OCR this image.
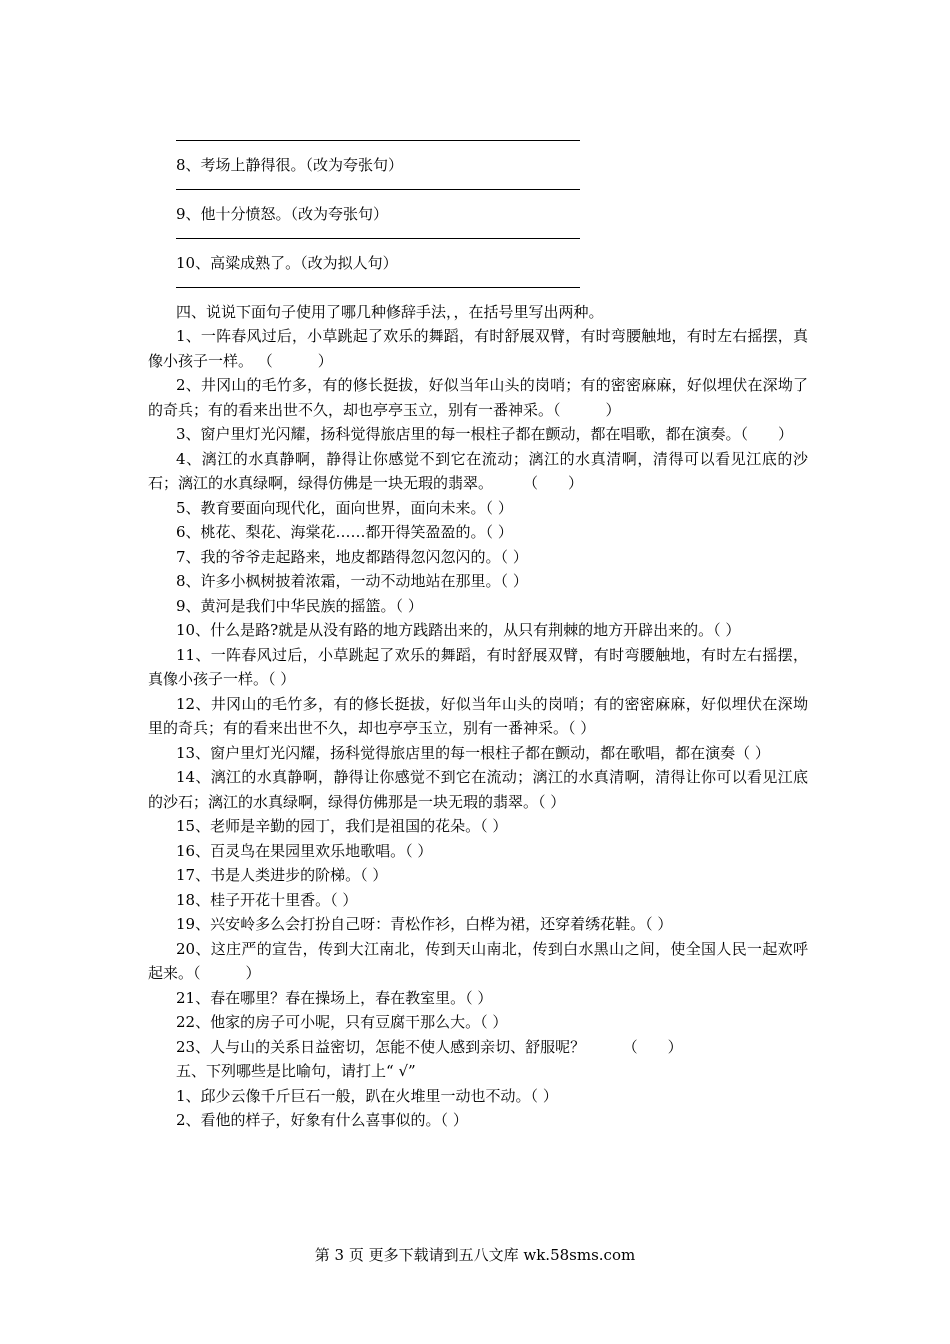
8、考场上静得很。（改为夸张句）
9、他十分愤怒。（改为夸张句）
10、高粱成熟了。（改为拟人句）
四、说说下面句子使用了哪几种修辞手法，，在括号里写出两种。
1、一阵春风过后，小草跳起了欢乐的舞蹈，有时舒展双臂，有时弯腰触地，有时左右摇摆，真像小孩子一样。 （　　　）
2、井冈山的毛竹多，有的修长挺拔，好似当年山头的岗哨；有的密密麻麻，好似埋伏在深坳了的奇兵；有的看来出世不久，却也亭亭玉立，别有一番神采。（　　　）
3、窗户里灯光闪耀，扬科觉得旅店里的每一根柱子都在颤动，都在唱歌，都在演奏。（　　）
4、漓江的水真静啊，静得让你感觉不到它在流动；漓江的水真清啊，清得可以看见江底的沙石；漓江的水真绿啊，绿得仿佛是一块无瑕的翡翠。　　　（　　）
5、教育要面向现代化，面向世界，面向未来。（ ）
6、桃花、梨花、海棠花……都开得笑盈盈的。（ ）
7、我的爷爷走起路来，地皮都踏得忽闪忽闪的。（ ）
8、许多小枫树披着浓霜，一动不动地站在那里。（ ）
9、黄河是我们中华民族的摇篮。（ ）
10、什么是路?就是从没有路的地方践踏出来的，从只有荆棘的地方开辟出来的。（ ）
11、一阵春风过后，小草跳起了欢乐的舞蹈，有时舒展双臂，有时弯腰触地，有时左右摇摆，真像小孩子一样。（ ）
12、井冈山的毛竹多，有的修长挺拔，好似当年山头的岗哨；有的密密麻麻，好似埋伏在深坳里的奇兵；有的看来出世不久，却也亭亭玉立，别有一番神采。（ ）
13、窗户里灯光闪耀，扬科觉得旅店里的每一根柱子都在颤动，都在歌唱，都在演奏（ ）
14、漓江的水真静啊，静得让你感觉不到它在流动；漓江的水真清啊，清得让你可以看见江底的沙石；漓江的水真绿啊，绿得仿佛那是一块无瑕的翡翠。（ ）
15、老师是辛勤的园丁，我们是祖国的花朵。（ ）
16、百灵鸟在果园里欢乐地歌唱。（ ）
17、书是人类进步的阶梯。（ ）
18、桂子开花十里香。（ ）
19、兴安岭多么会打扮自己呀：青松作衫，白桦为裙，还穿着绣花鞋。（ ）
20、这庄严的宣告，传到大江南北，传到天山南北，传到白水黑山之间，使全国人民一起欢呼起来。（　　　）
21、春在哪里？春在操场上，春在教室里。（ ）
22、他家的房子可小呢，只有豆腐干那么大。（ ）
23、人与山的关系日益密切，怎能不使人感到亲切、舒服呢？　　　（　　）
五、下列哪些是比喻句，请打上“ √”
1、邱少云像千斤巨石一般，趴在火堆里一动也不动。（ ）
2、看他的样子，好象有什么喜事似的。（ ）
第 3 页 更多下载请到五八文库 wk.58sms.com
